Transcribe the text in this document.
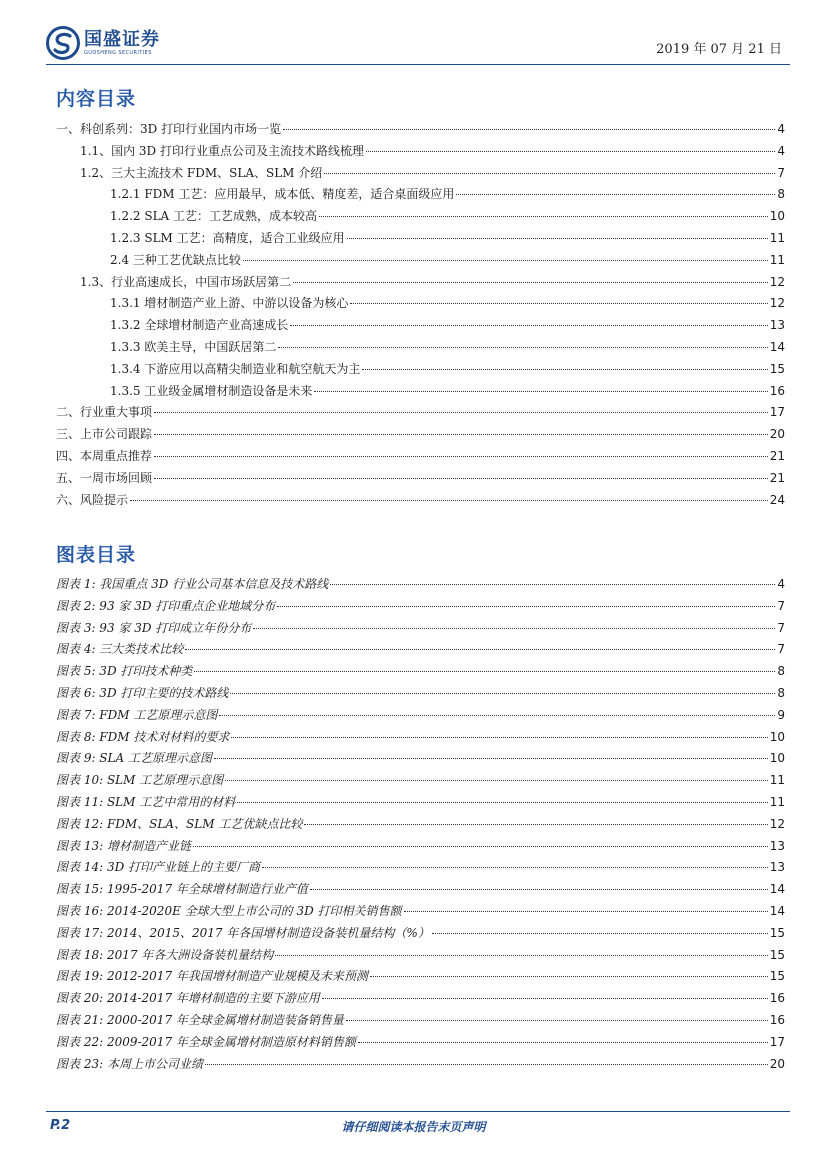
国盛证券
GUOSHENG SECURITIES	2019 年 07 月 21 日
内容目录
一、科创系列：3D 打印行业国内市场一览	4
1.1、国内 3D 打印行业重点公司及主流技术路线梳理	4
1.2、三大主流技术 FDM、SLA、SLM 介绍	7
1.2.1 FDM 工艺：应用最早，成本低、精度差，适合桌面级应用	8
1.2.2 SLA 工艺：工艺成熟，成本较高	10
1.2.3 SLM 工艺：高精度，适合工业级应用	11
2.4 三种工艺优缺点比较	11
1.3、行业高速成长，中国市场跃居第二	12
1.3.1 增材制造产业上游、中游以设备为核心	12
1.3.2 全球增材制造产业高速成长	13
1.3.3 欧美主导，中国跃居第二	14
1.3.4 下游应用以高精尖制造业和航空航天为主	15
1.3.5 工业级金属增材制造设备是未来	16
二、行业重大事项	17
三、上市公司跟踪	20
四、本周重点推荐	21
五、一周市场回顾	21
六、风险提示	24
图表目录
图表 1: 我国重点 3D 行业公司基本信息及技术路线	4
图表 2: 93 家 3D 打印重点企业地域分布	7
图表 3: 93 家 3D 打印成立年份分布	7
图表 4: 三大类技术比较	7
图表 5: 3D 打印技术种类	8
图表 6: 3D 打印主要的技术路线	8
图表 7: FDM 工艺原理示意图	9
图表 8: FDM 技术对材料的要求	10
图表 9: SLA 工艺原理示意图	10
图表 10: SLM 工艺原理示意图	11
图表 11: SLM 工艺中常用的材料	11
图表 12: FDM、SLA、SLM 工艺优缺点比较	12
图表 13: 增材制造产业链	13
图表 14: 3D 打印产业链上的主要厂商	13
图表 15: 1995-2017 年全球增材制造行业产值	14
图表 16: 2014-2020E 全球大型上市公司的 3D 打印相关销售额	14
图表 17: 2014、2015、2017 年各国增材制造设备装机量结构（%）	15
图表 18: 2017 年各大洲设备装机量结构	15
图表 19: 2012-2017 年我国增材制造产业规模及未来预测	15
图表 20: 2014-2017 年增材制造的主要下游应用	16
图表 21: 2000-2017 年全球金属增材制造装备销售量	16
图表 22: 2009-2017 年全球金属增材制造原材料销售额	17
图表 23: 本周上市公司业绩	20
P.2	请仔细阅读本报告末页声明
